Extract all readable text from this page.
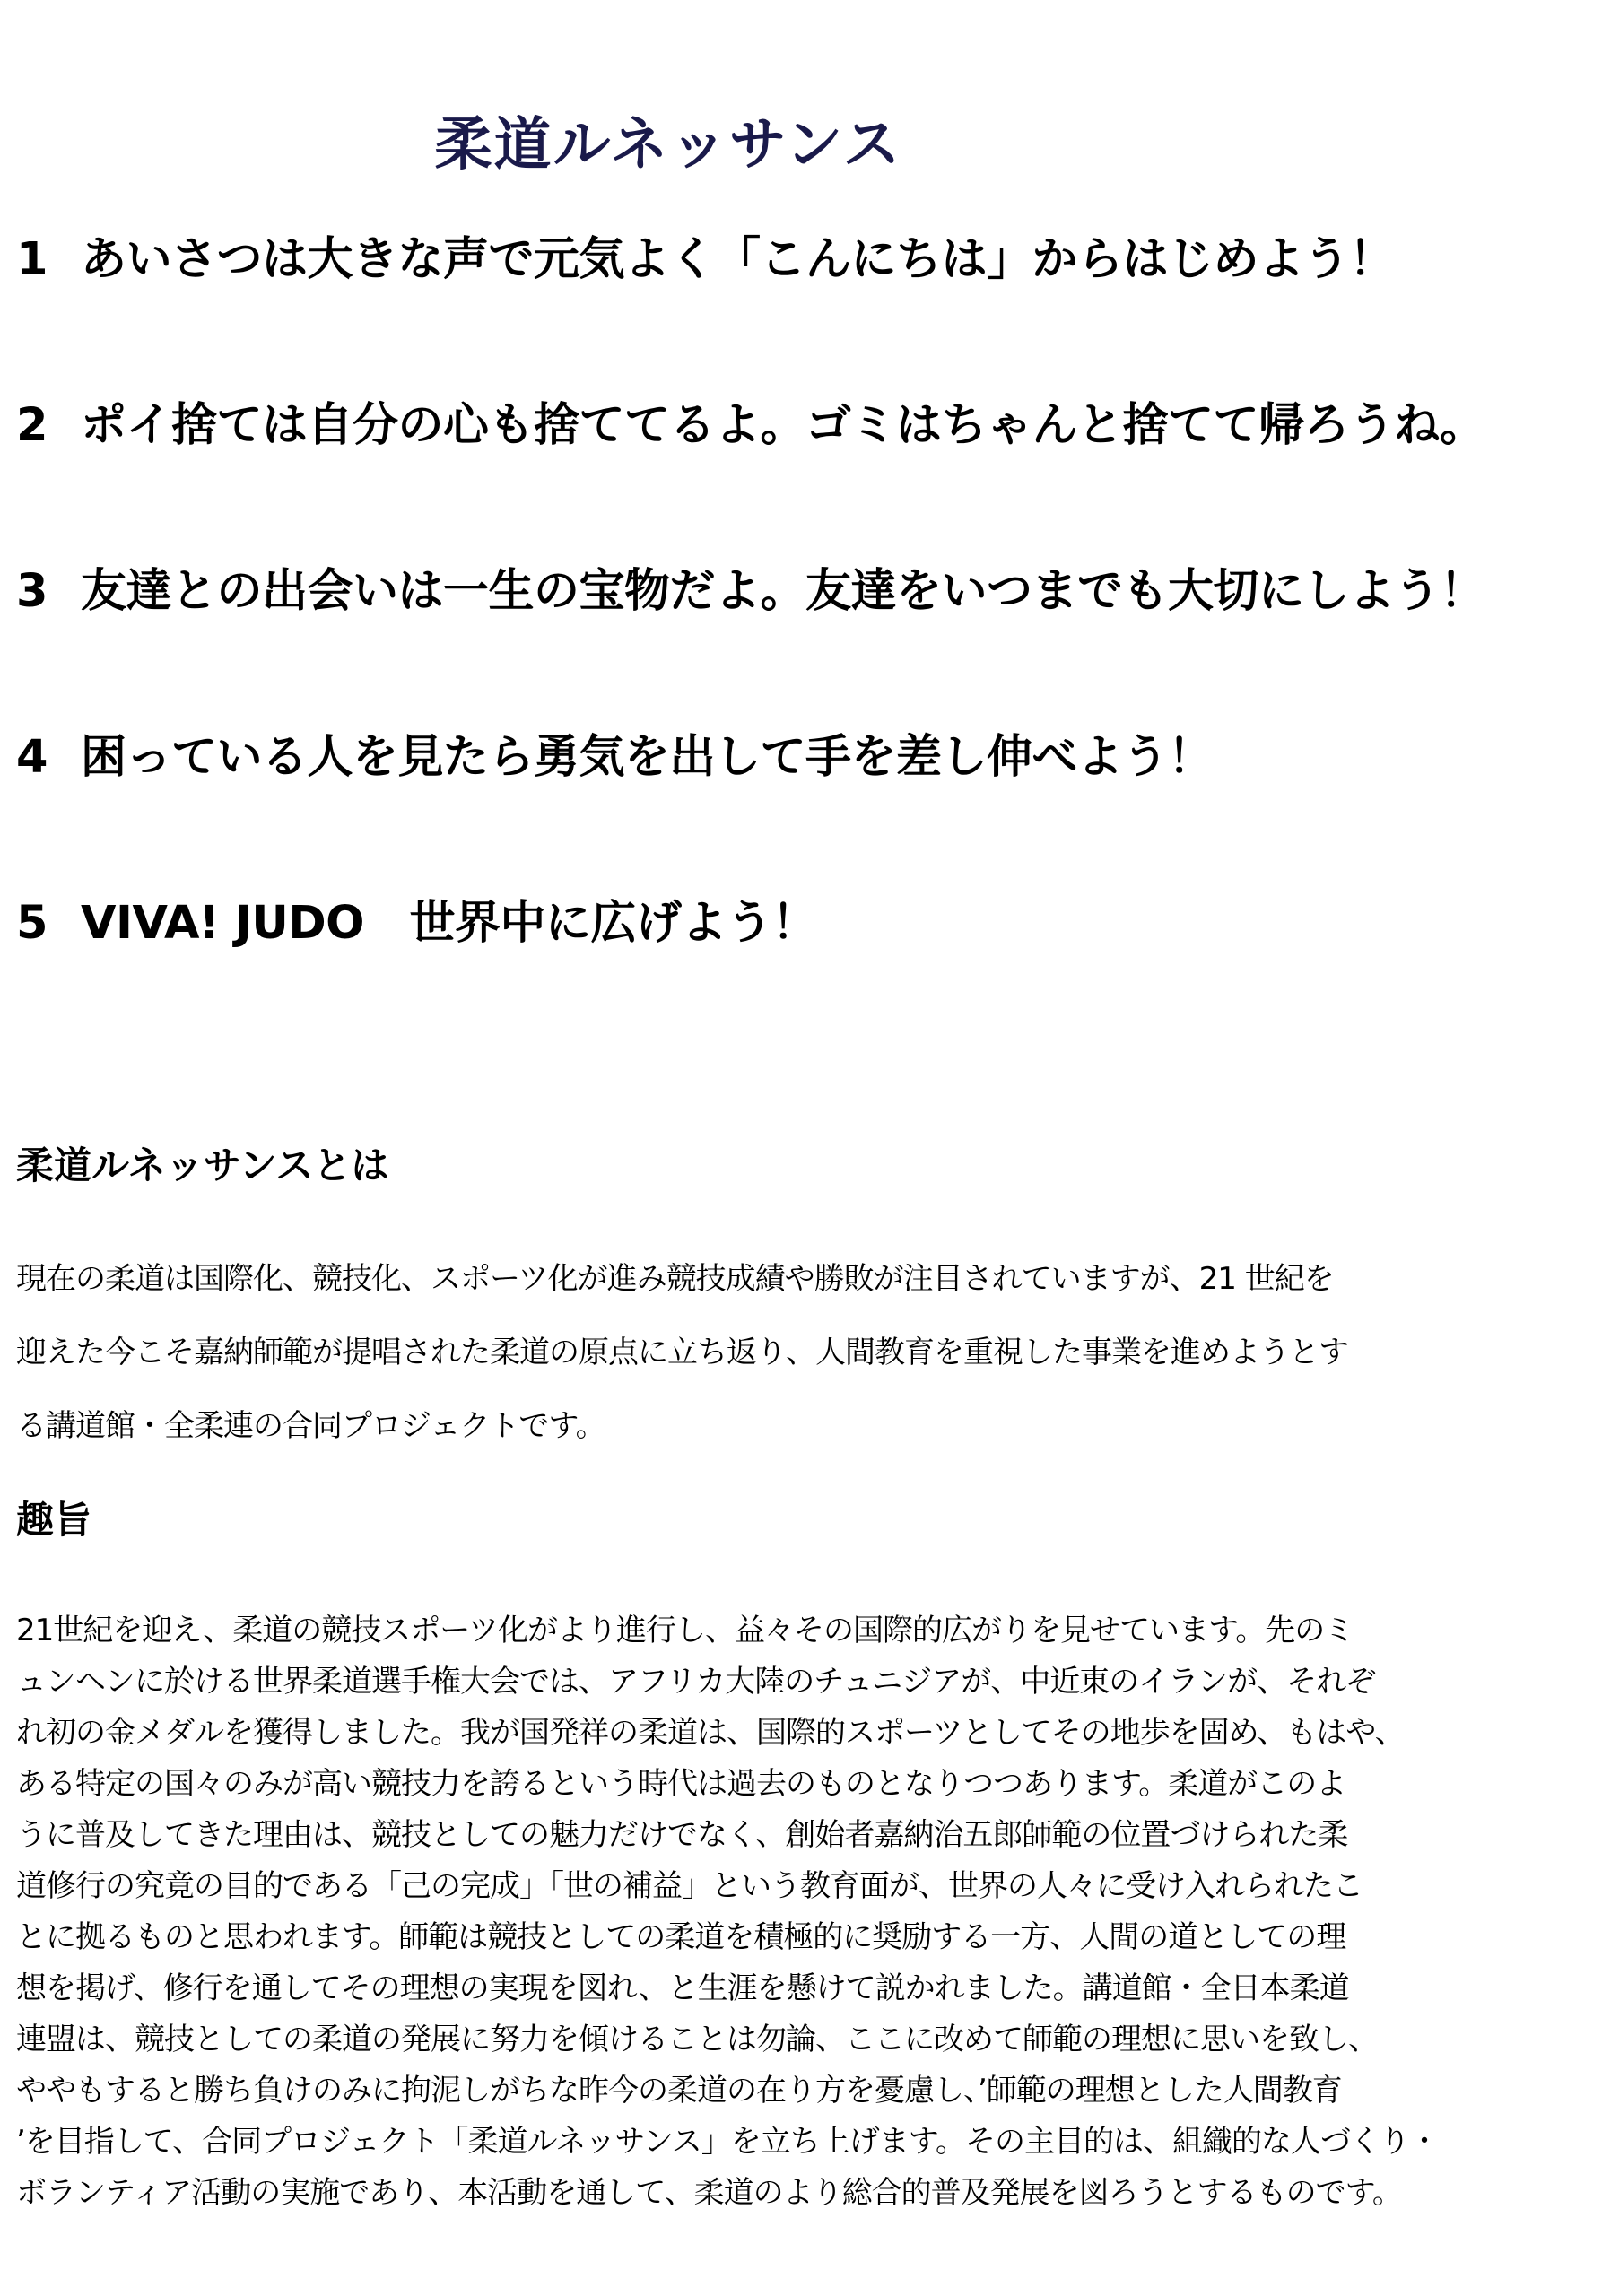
柔道ルネッサンス
1 あいさつは大きな声で元気よく「こんにちは」からはじめよう！
2 ポイ捨ては自分の心も捨ててるよ。ゴミはちゃんと捨てて帰ろうね。
3 友達との出会いは一生の宝物だよ。友達をいつまでも大切にしよう！
4 困っている人を見たら勇気を出して手を差し伸べよう！
5 VIVA! JUDO　世界中に広げよう！
柔道ルネッサンスとは

現在の柔道は国際化、競技化、スポーツ化が進み競技成績や勝敗が注目されていますが、21 世紀を
迎えた今こそ嘉納師範が提唱された柔道の原点に立ち返り、人間教育を重視した事業を進めようとす
る講道館・全柔連の合同プロジェクトです。

趣旨

21世紀を迎え、柔道の競技スポーツ化がより進行し、益々その国際的広がりを見せています。先のミ
ュンヘンに於ける世界柔道選手権大会では、アフリカ大陸のチュニジアが、中近東のイランが、それぞ
れ初の金メダルを獲得しました。我が国発祥の柔道は、国際的スポーツとしてその地歩を固め、もはや、
ある特定の国々のみが高い競技力を誇るという時代は過去のものとなりつつあります。柔道がこのよ
うに普及してきた理由は、競技としての魅力だけでなく、創始者嘉納治五郎師範の位置づけられた柔
道修行の究竟の目的である「己の完成」「世の補益」という教育面が、世界の人々に受け入れられたこ
とに拠るものと思われます。師範は競技としての柔道を積極的に奨励する一方、人間の道としての理
想を掲げ、修行を通してその理想の実現を図れ、と生涯を懸けて説かれました。講道館・全日本柔道
連盟は、競技としての柔道の発展に努力を傾けることは勿論、ここに改めて師範の理想に思いを致し、
ややもすると勝ち負けのみに拘泥しがちな昨今の柔道の在り方を憂慮し、’師範の理想とした人間教育
’を目指して、合同プロジェクト「柔道ルネッサンス」を立ち上げます。その主目的は、組織的な人づくり・
ボランティア活動の実施であり、本活動を通して、柔道のより総合的普及発展を図ろうとするものです。
